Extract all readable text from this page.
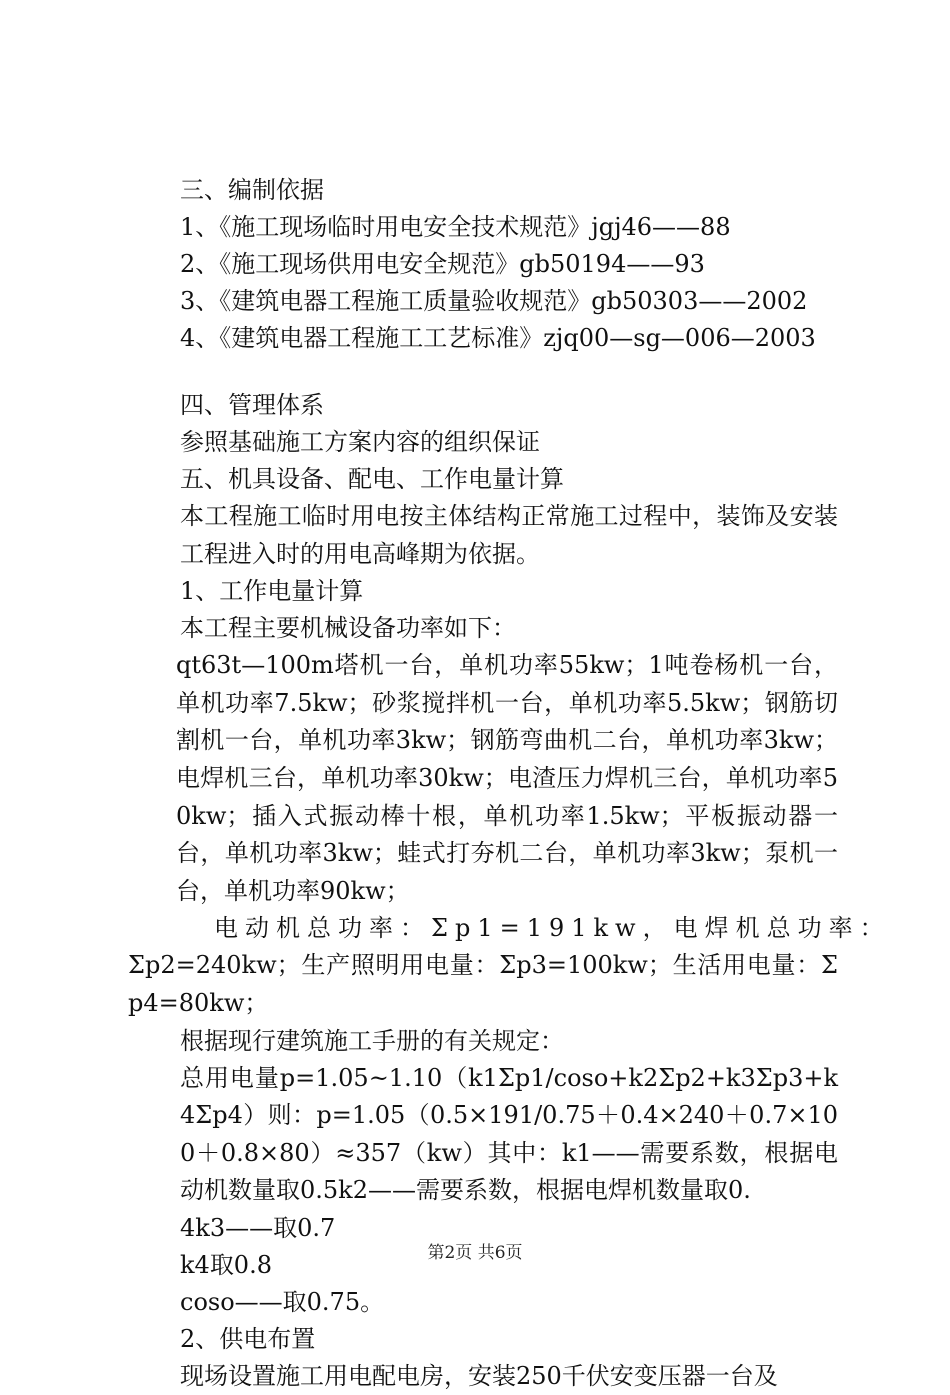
三、编制依据
1、《施工现场临时用电安全技术规范》jgj46——88
2、《施工现场供用电安全规范》gb50194——93
3、《建筑电器工程施工质量验收规范》gb50303——2002
4、《建筑电器工程施工工艺标准》zjq00—sg—006—2003
四、管理体系
参照基础施工方案内容的组织保证
五、机具设备、配电、工作电量计算
本工程施工临时用电按主体结构正常施工过程中，装饰及安装工程进入时的用电高峰期为依据。
1、工作电量计算
本工程主要机械设备功率如下：
qt63t—100m塔机一台，单机功率55kw；1吨卷杨机一台，单机功率7.5kw；砂浆搅拌机一台，单机功率5.5kw；钢筋切割机一台，单机功率3kw；钢筋弯曲机二台，单机功率3kw；电焊机三台，单机功率30kw；电渣压力焊机三台，单机功率50kw；插入式振动棒十根，单机功率1.5kw；平板振动器一台，单机功率3kw；蛙式打夯机二台，单机功率3kw；泵机一台，单机功率90kw；
电动机总功率：Σp1=191kw，电焊机总功率：
Σp2=240kw；生产照明用电量：Σp3=100kw；生活用电量：Σp4=80kw；
根据现行建筑施工手册的有关规定：
总用电量p=1.05~1.10（k1Σp1/coso+k2Σp2+k3Σp3+k4Σp4）则：p=1.05（0.5×191/0.75＋0.4×240＋0.7×100＋0.8×80）≈357（kw）其中：k1——需要系数，根据电动机数量取0.5k2——需要系数，根据电焊机数量取0.
4k3——取0.7
k4取0.8
coso——取0.75。
2、供电布置
现场设置施工用电配电房，安装250千伏安变压器一台及
第2页 共6页
